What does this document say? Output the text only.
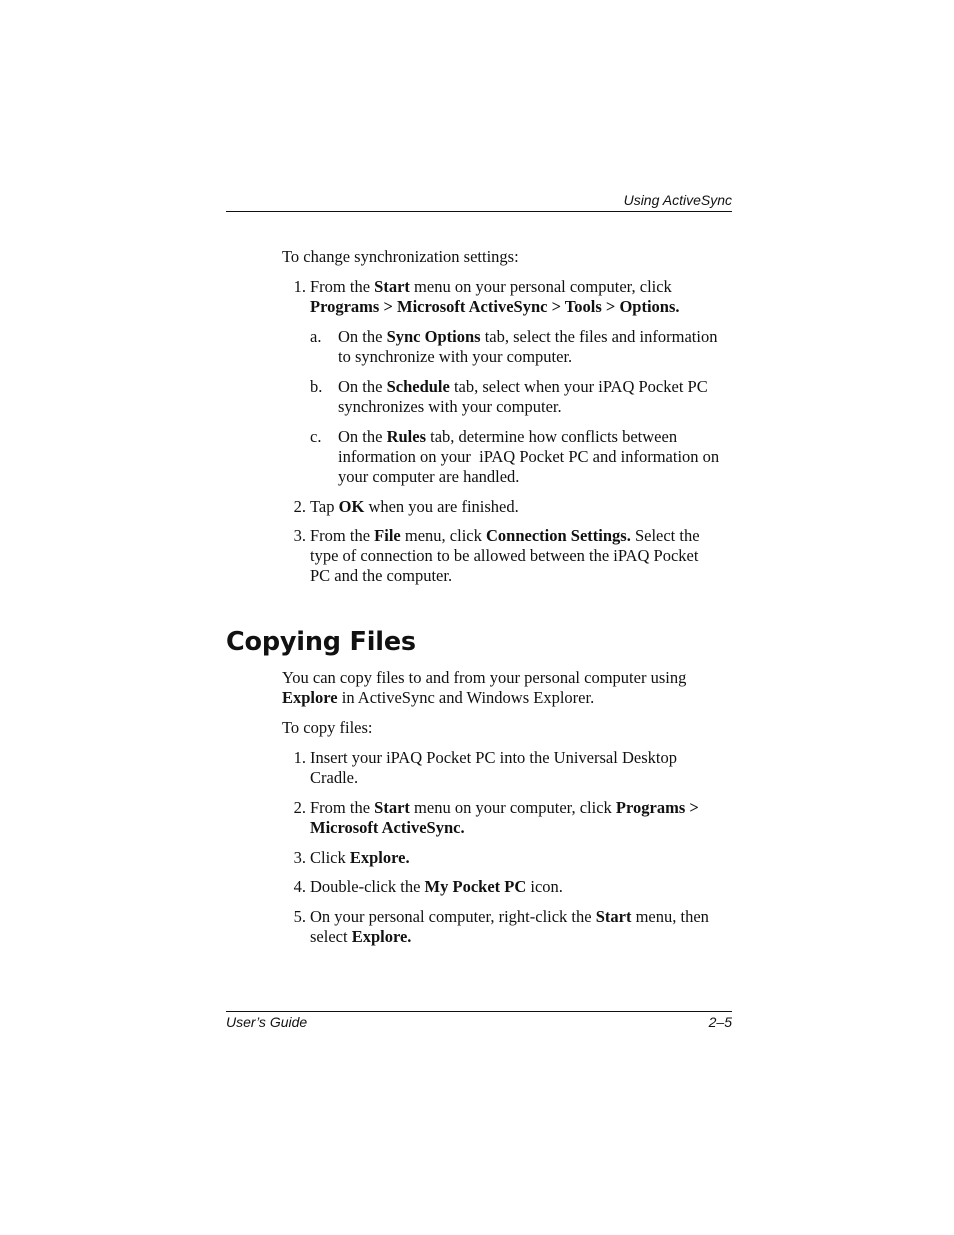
Using ActiveSync

To change synchronization settings:

1. From the Start menu on your personal computer, click
Programs > Microsoft ActiveSync > Tools > Options.
a. On the Sync Options tab, select the files and information
to synchronize with your computer.
b. On the Schedule tab, select when your iPAQ Pocket PC
synchronizes with your computer.
c. On the Rules tab, determine how conflicts between
information on your  iPAQ Pocket PC and information on
your computer are handled.
2. Tap OK when you are finished.
3. From the File menu, click Connection Settings. Select the
type of connection to be allowed between the iPAQ Pocket
PC and the computer.
Copying Files
You can copy files to and from your personal computer using
Explore in ActiveSync and Windows Explorer.

To copy files:

1. Insert your iPAQ Pocket PC into the Universal Desktop
Cradle.
2. From the Start menu on your computer, click Programs >
Microsoft ActiveSync.
3. Click Explore.
4. Double-click the My Pocket PC icon.
5. On your personal computer, right-click the Start menu, then
select Explore.
User’s Guide	2–5
